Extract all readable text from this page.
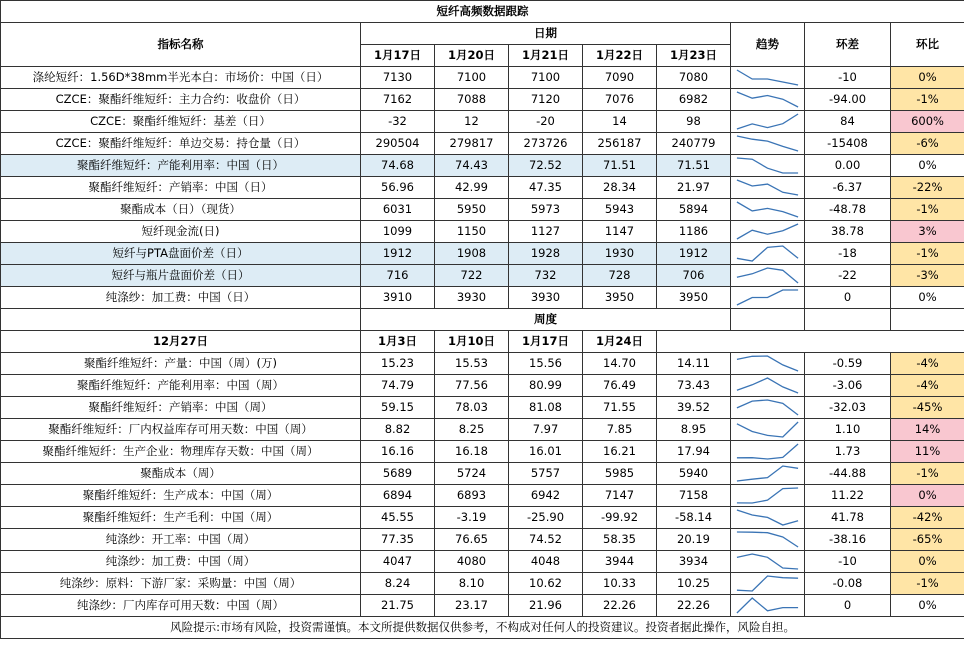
短纤高频数据跟踪								
指标名称	日期					趋势	环差	环比
	1月17日	1月20日	1月21日	1月22日	1月23日			
涤纶短纤：1.56D*38mm半光本白：市场价：中国（日）	7130	7100	7100	7090	7080		-10	0%
CZCE：聚酯纤维短纤：主力合约：收盘价（日）	7162	7088	7120	7076	6982		-94.00	-1%
CZCE：聚酯纤维短纤：基差（日）	-32	12	-20	14	98		84	600%
CZCE：聚酯纤维短纤：单边交易：持仓量（日）	290504	279817	273726	256187	240779		-15408	-6%
聚酯纤维短纤：产能利用率：中国（日）	74.68	74.43	72.52	71.51	71.51		0.00	0%
聚酯纤维短纤：产销率：中国（日）	56.96	42.99	47.35	28.34	21.97		-6.37	-22%
聚酯成本（日）（现货）	6031	5950	5973	5943	5894		-48.78	-1%
短纤现金流(日)	1099	1150	1127	1147	1186		38.78	3%
短纤与PTA盘面价差（日）	1912	1908	1928	1930	1912		-18	-1%
短纤与瓶片盘面价差（日）	716	722	732	728	706		-22	-3%
纯涤纱：加工费：中国（日）	3910	3930	3930	3950	3950		0	0%
	周度							
12月27日	1月3日	1月10日	1月17日	1月24日				
聚酯纤维短纤：产量：中国（周）(万)	15.23	15.53	15.56	14.70	14.11		-0.59	-4%
聚酯纤维短纤：产能利用率：中国（周）	74.79	77.56	80.99	76.49	73.43		-3.06	-4%
聚酯纤维短纤：产销率：中国（周）	59.15	78.03	81.08	71.55	39.52		-32.03	-45%
聚酯纤维短纤：厂内权益库存可用天数：中国（周）	8.82	8.25	7.97	7.85	8.95		1.10	14%
聚酯纤维短纤：生产企业：物理库存天数：中国（周）	16.16	16.18	16.01	16.21	17.94		1.73	11%
聚酯成本（周）	5689	5724	5757	5985	5940		-44.88	-1%
聚酯纤维短纤：生产成本：中国（周）	6894	6893	6942	7147	7158		11.22	0%
聚酯纤维短纤：生产毛利：中国（周）	45.55	-3.19	-25.90	-99.92	-58.14		41.78	-42%
纯涤纱：开工率：中国（周）	77.35	76.65	74.52	58.35	20.19		-38.16	-65%
纯涤纱：加工费：中国（周）	4047	4080	4048	3944	3934		-10	0%
纯涤纱：原料：下游厂家：采购量：中国（周）	8.24	8.10	10.62	10.33	10.25		-0.08	-1%
纯涤纱：厂内库存可用天数：中国（周）	21.75	23.17	21.96	22.26	22.26		0	0%
风险提示:市场有风险，投资需谨慎。本文所提供数据仅供参考，不构成对任何人的投资建议。投资者据此操作，风险自担。								
